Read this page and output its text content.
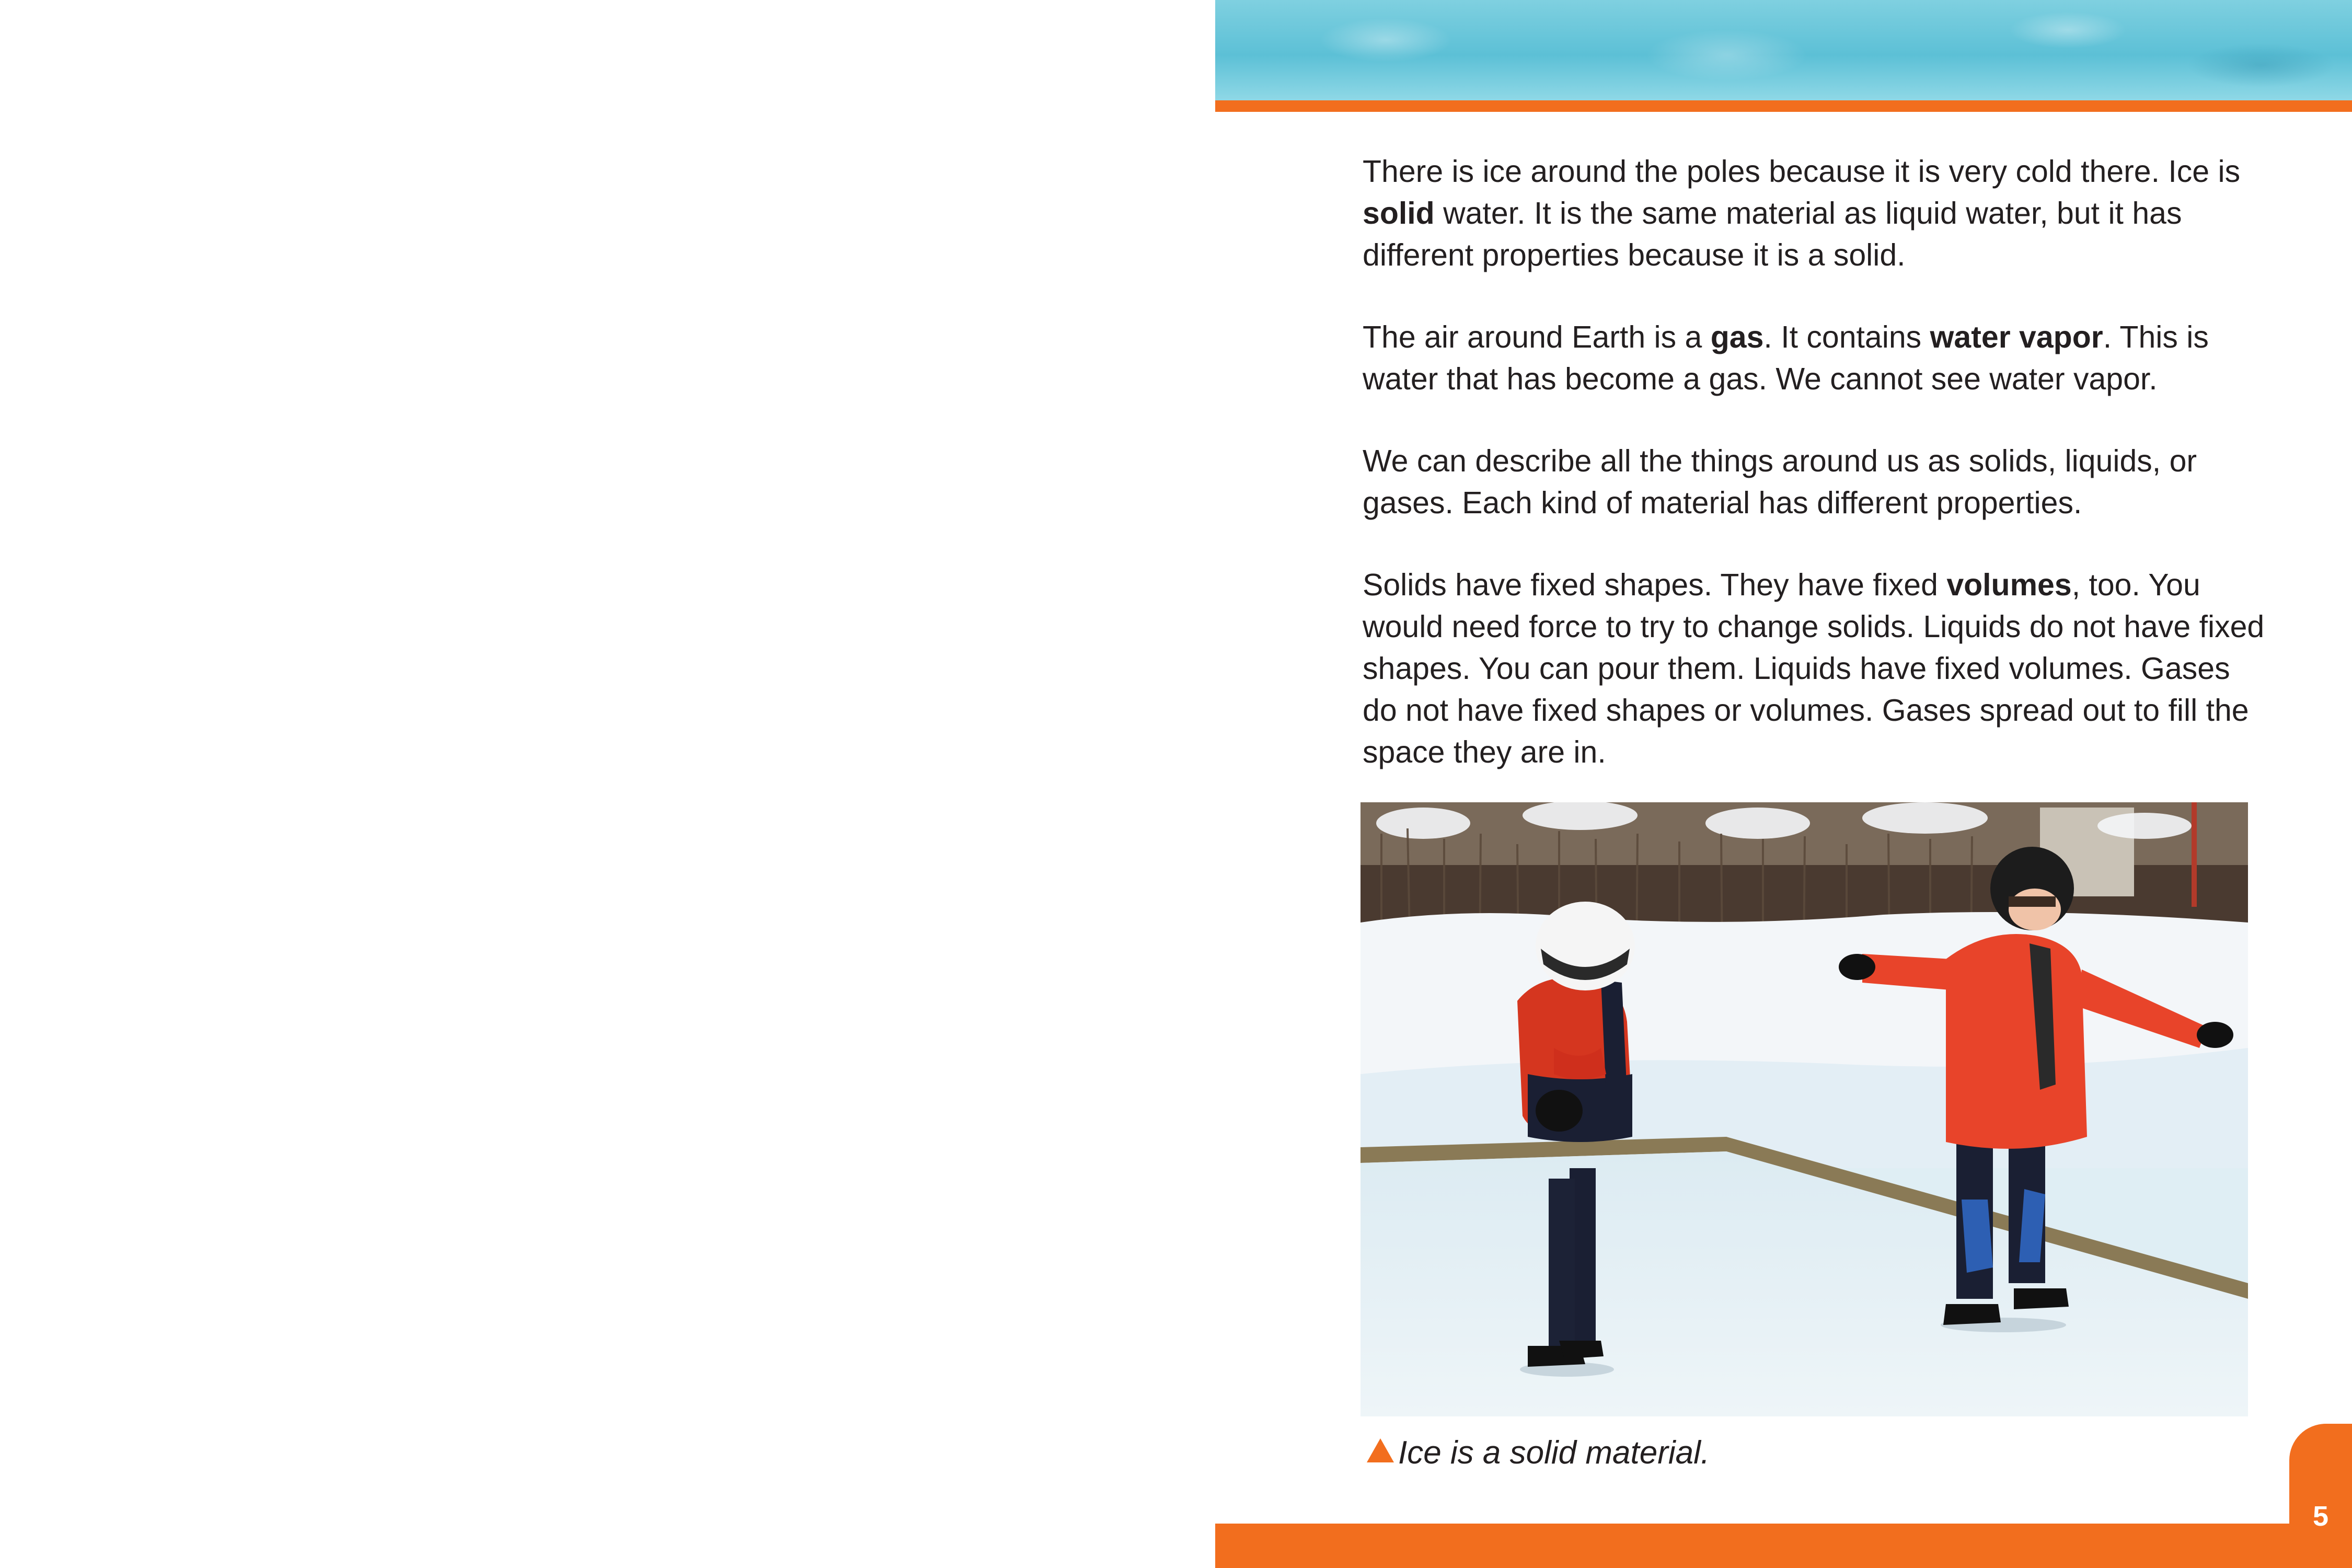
There is ice around the poles because it is very cold there. Ice is solid water. It is the same material as liquid water, but it has different properties because it is a solid.

The air around Earth is a gas. It contains water vapor. This is water that has become a gas. We cannot see water vapor.

We can describe all the things around us as solids, liquids, or gases. Each kind of material has different properties.

Solids have fixed shapes. They have fixed volumes, too. You would need force to try to change solids. Liquids do not have fixed shapes. You can pour them. Liquids have fixed volumes. Gases do not have fixed shapes or volumes. Gases spread out to fill the space they are in.

Ice is a solid material.
5
